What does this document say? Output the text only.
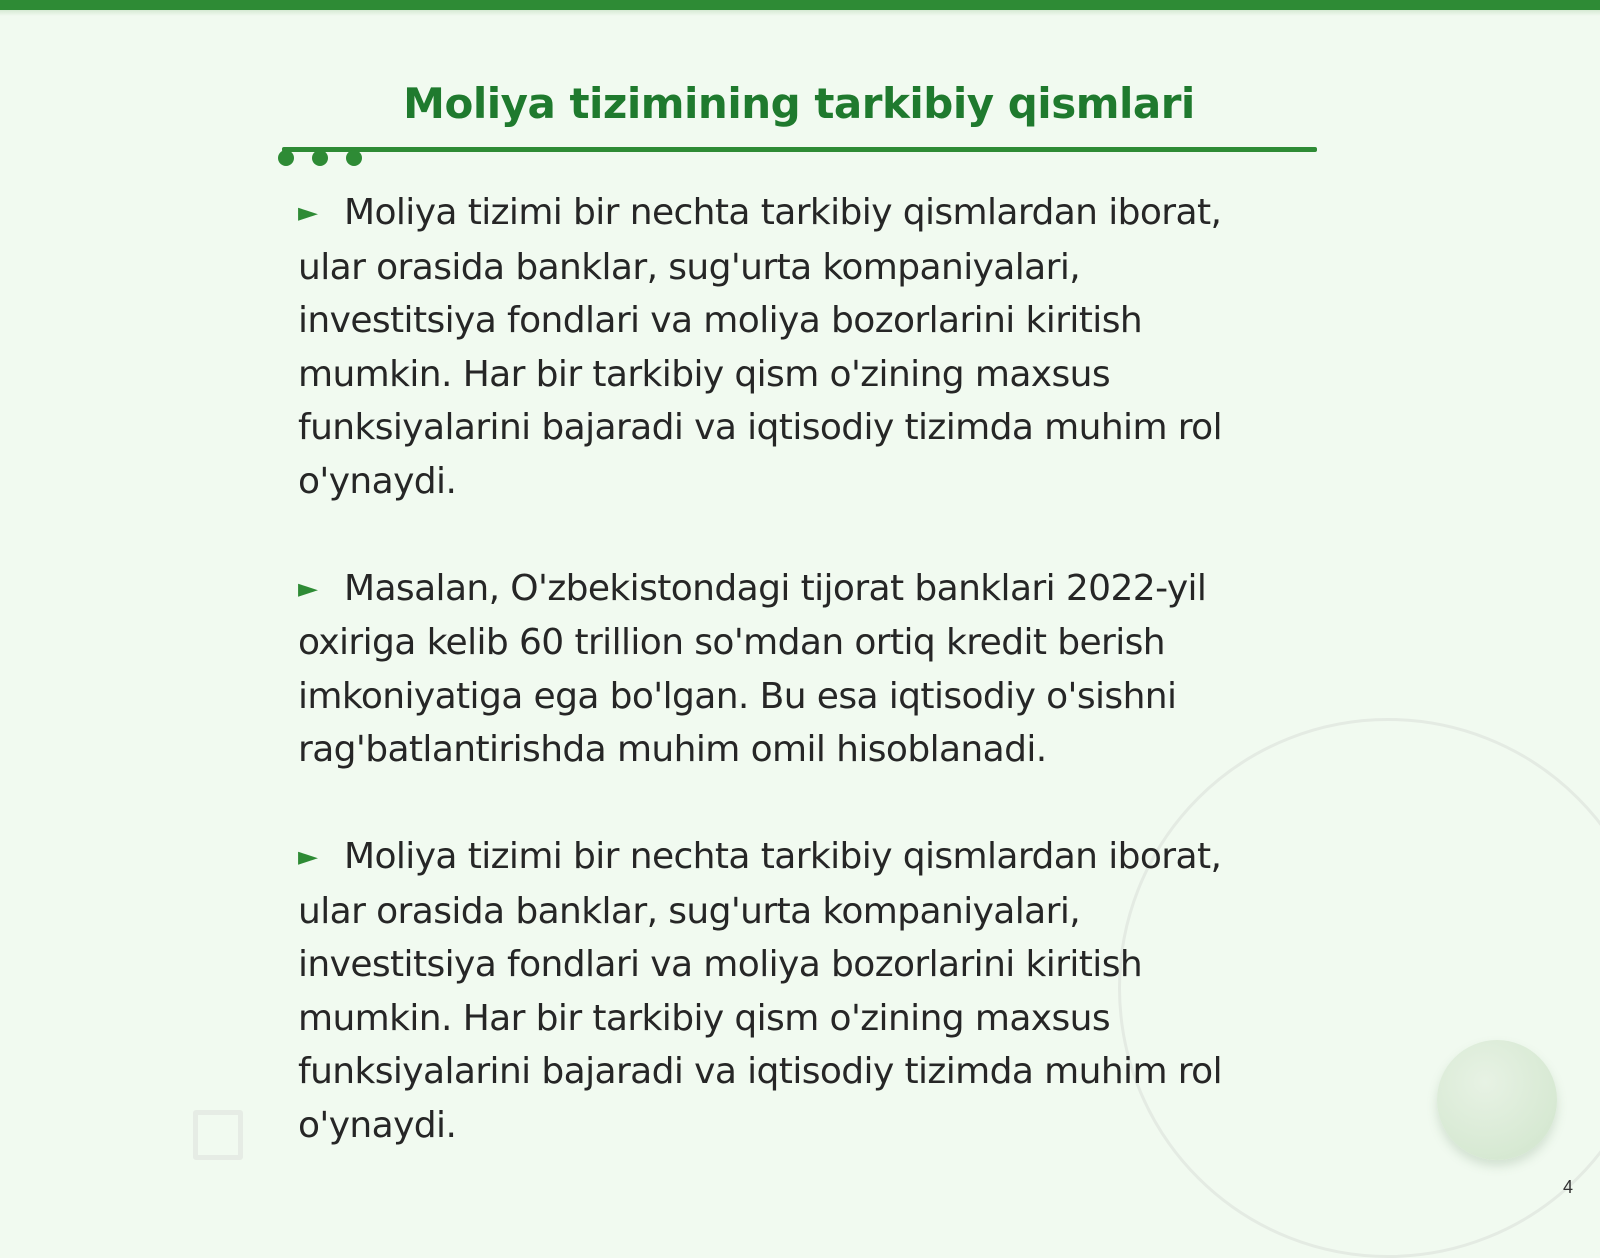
Moliya tizimining tarkibiy qismlari
► Moliya tizimi bir nechta tarkibiy qismlardan iborat, ular orasida banklar, sug'urta kompaniyalari, investitsiya fondlari va moliya bozorlarini kiritish mumkin. Har bir tarkibiy qism o'zining maxsus funksiyalarini bajaradi va iqtisodiy tizimda muhim rol o'ynaydi.
► Masalan, O'zbekistondagi tijorat banklari 2022-yil oxiriga kelib 60 trillion so'mdan ortiq kredit berish imkoniyatiga ega bo'lgan. Bu esa iqtisodiy o'sishni rag'batlantirishda muhim omil hisoblanadi.
► Moliya tizimi bir nechta tarkibiy qismlardan iborat, ular orasida banklar, sug'urta kompaniyalari, investitsiya fondlari va moliya bozorlarini kiritish mumkin. Har bir tarkibiy qism o'zining maxsus funksiyalarini bajaradi va iqtisodiy tizimda muhim rol o'ynaydi.
4
